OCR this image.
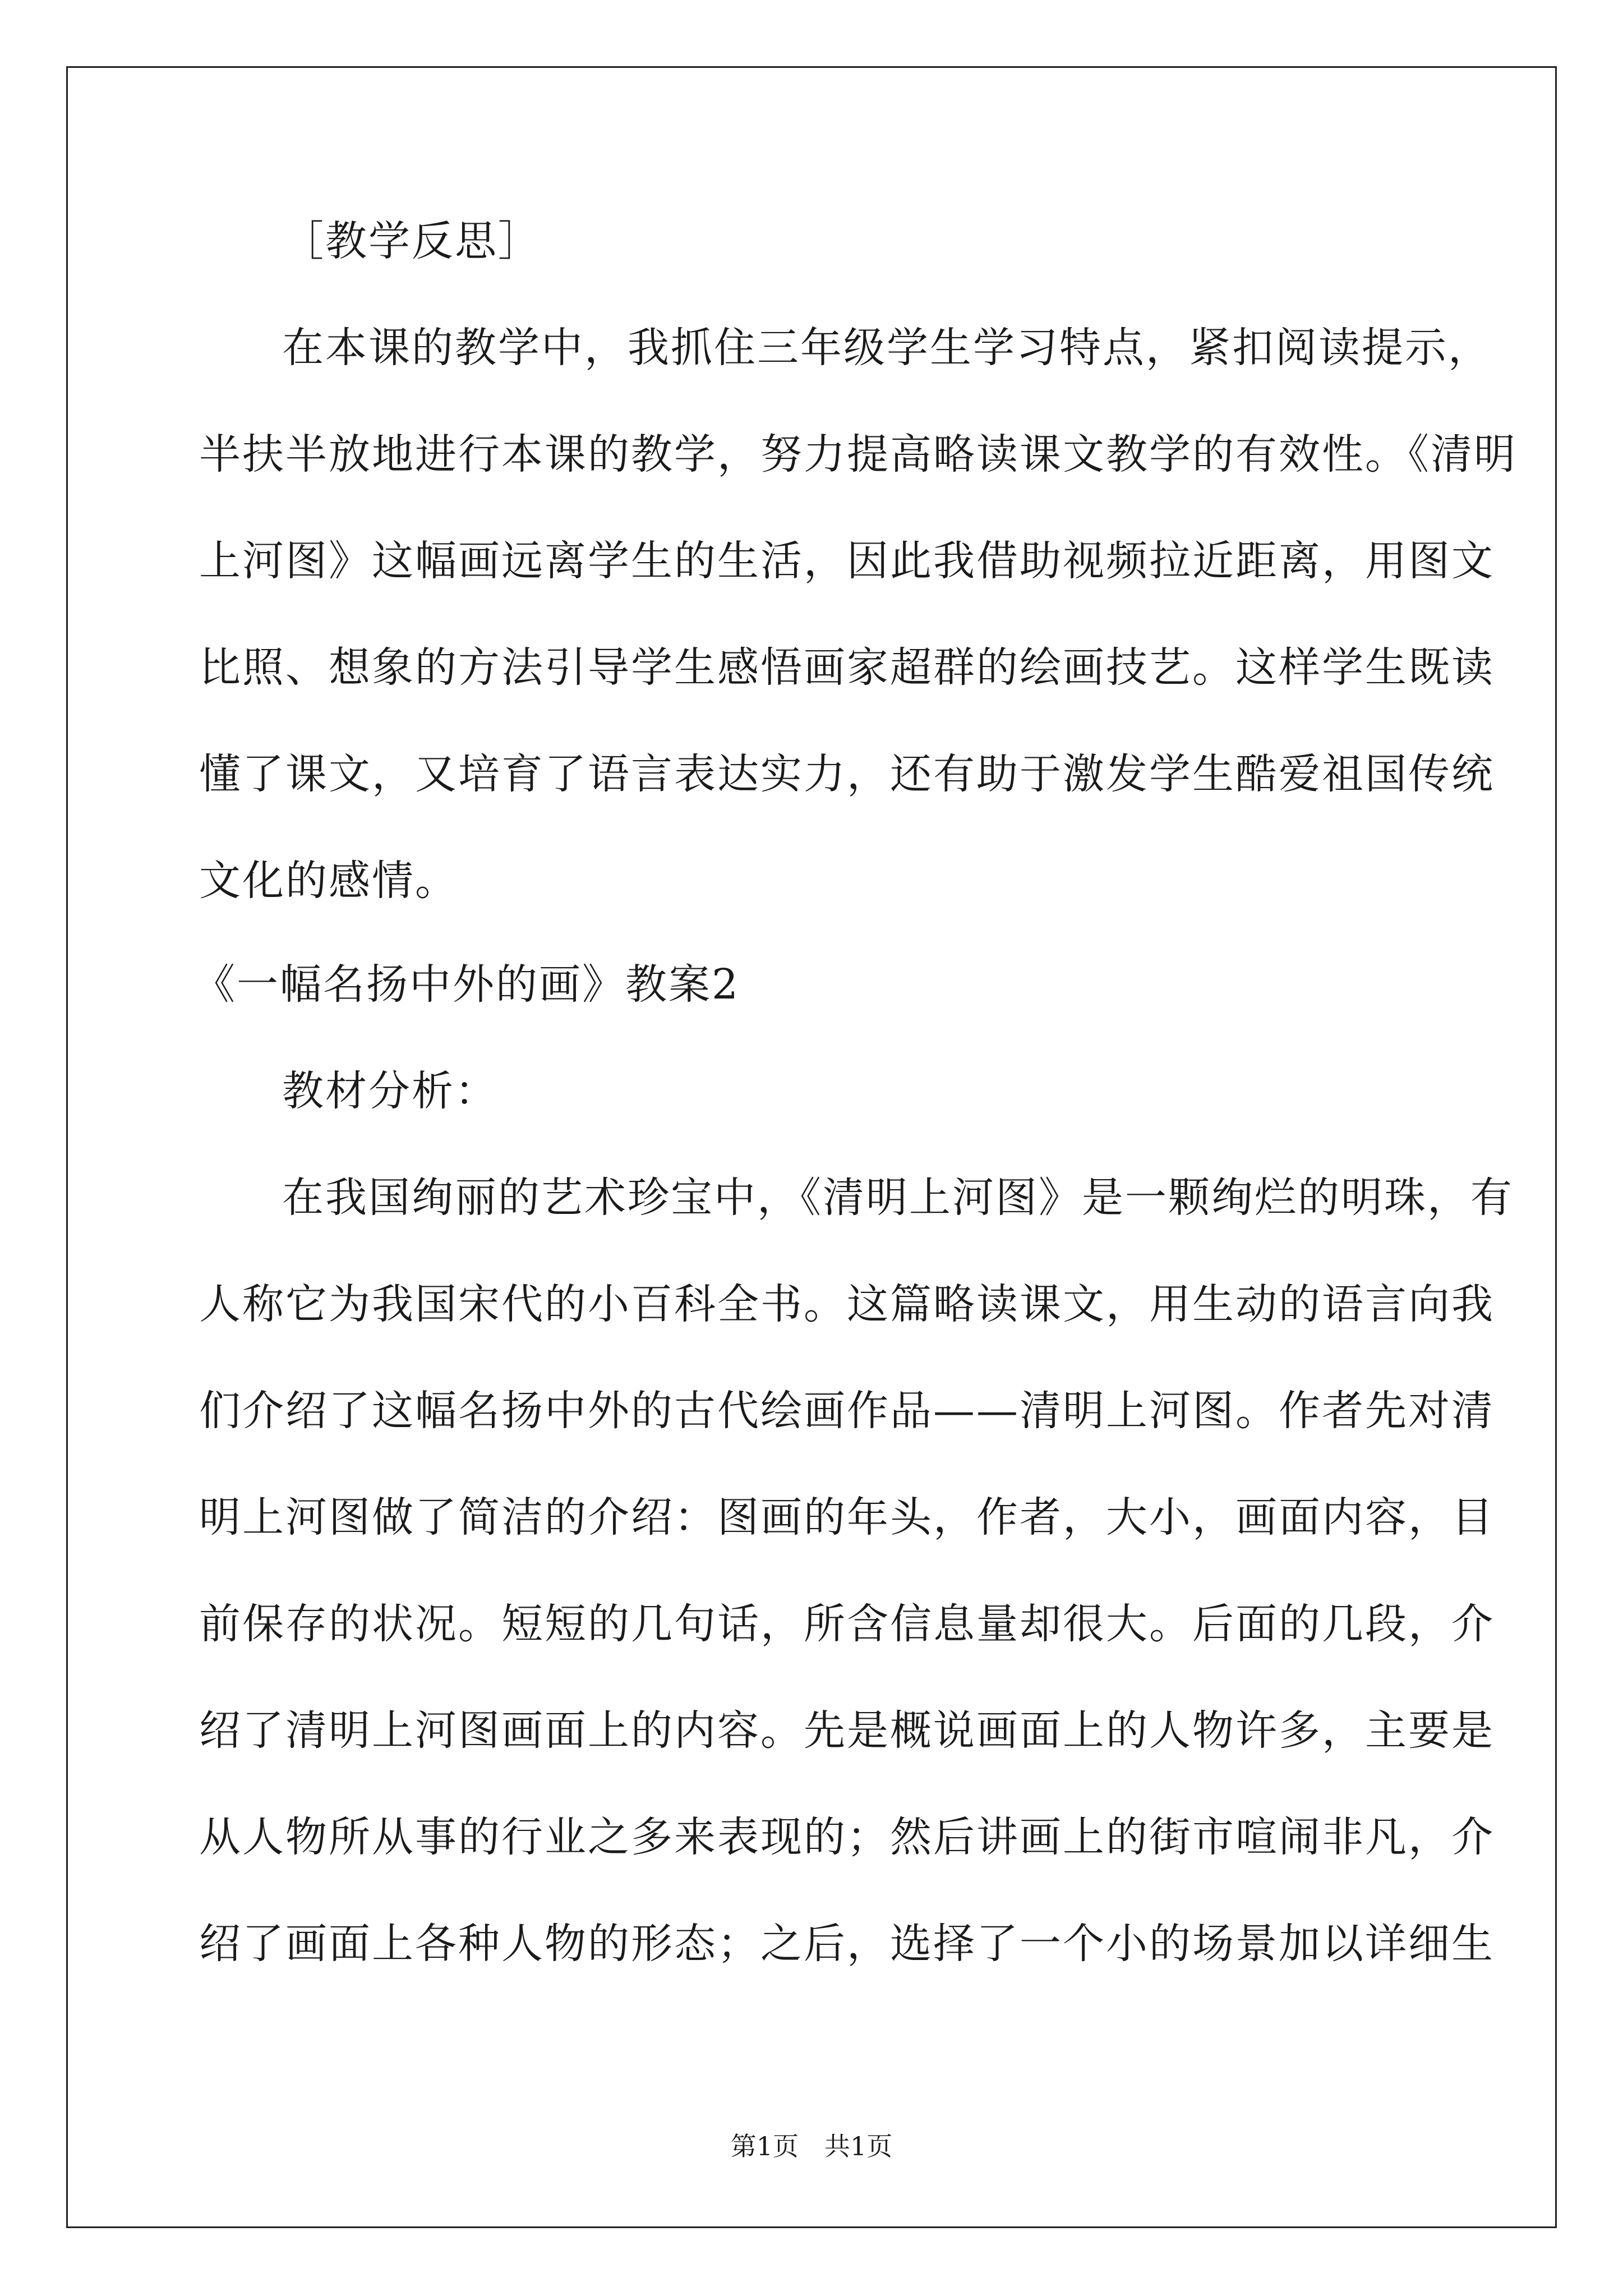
［教学反思］
在本课的教学中，我抓住三年级学生学习特点，紧扣阅读提示，
半扶半放地进行本课的教学，努力提高略读课文教学的有效性。《清明
上河图》这幅画远离学生的生活，因此我借助视频拉近距离，用图文
比照、想象的方法引导学生感悟画家超群的绘画技艺。这样学生既读
懂了课文，又培育了语言表达实力，还有助于激发学生酷爱祖国传统
文化的感情。
《一幅名扬中外的画》教案2
教材分析：
在我国绚丽的艺术珍宝中，《清明上河图》是一颗绚烂的明珠，有
人称它为我国宋代的小百科全书。这篇略读课文，用生动的语言向我
们介绍了这幅名扬中外的古代绘画作品——清明上河图。作者先对清
明上河图做了简洁的介绍：图画的年头，作者，大小，画面内容，目
前保存的状况。短短的几句话，所含信息量却很大。后面的几段，介
绍了清明上河图画面上的内容。先是概说画面上的人物许多，主要是
从人物所从事的行业之多来表现的；然后讲画上的街市喧闹非凡，介
绍了画面上各种人物的形态；之后，选择了一个小的场景加以详细生
第1页　共1页
